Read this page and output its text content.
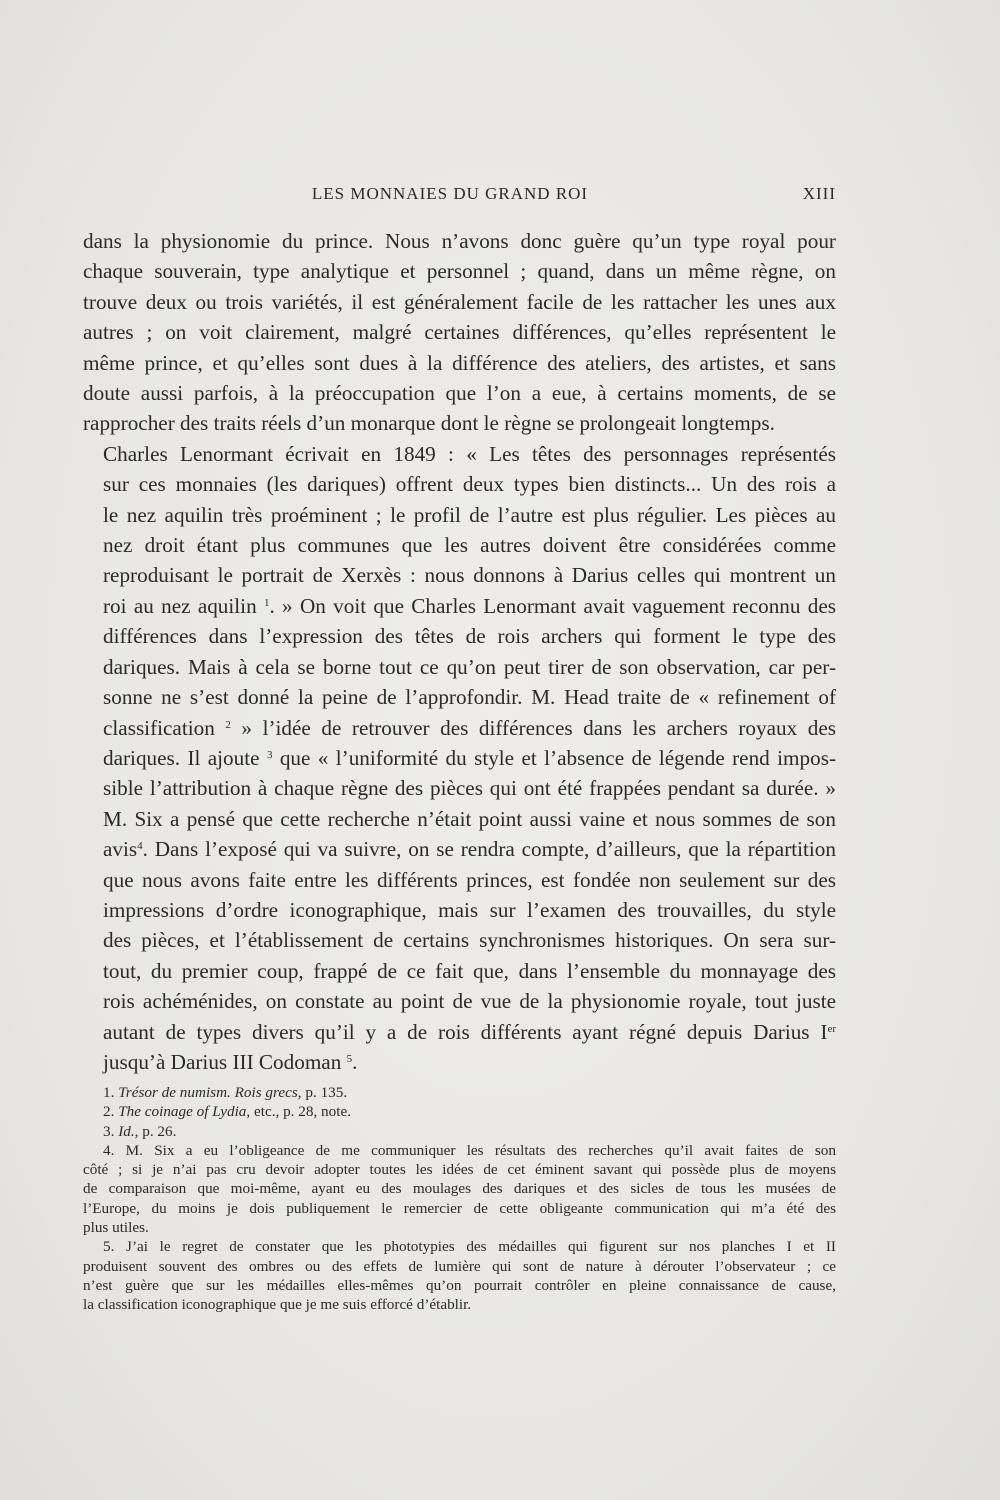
LES MONNAIES DU GRAND ROI	XIII

dans la physionomie du prince. Nous n’avons donc guère qu’un type royal pour
chaque souverain, type analytique et personnel ; quand, dans un même règne, on
trouve deux ou trois variétés, il est généralement facile de les rattacher les unes aux
autres ; on voit clairement, malgré certaines différences, qu’elles représentent le
même prince, et qu’elles sont dues à la différence des ateliers, des artistes, et sans
doute aussi parfois, à la préoccupation que l’on a eue, à certains moments, de se
rapprocher des traits réels d’un monarque dont le règne se prolongeait longtemps.

Charles Lenormant écrivait en 1849 : « Les têtes des personnages représentés
sur ces monnaies (les dariques) offrent deux types bien distincts... Un des rois a
le nez aquilin très proéminent ; le profil de l’autre est plus régulier. Les pièces au
nez droit étant plus communes que les autres doivent être considérées comme
reproduisant le portrait de Xerxès : nous donnons à Darius celles qui montrent un
roi au nez aquilin $^1$. » On voit que Charles Lenormant avait vaguement reconnu des
différences dans l’expression des têtes de rois archers qui forment le type des
dariques. Mais à cela se borne tout ce qu’on peut tirer de son observation, car per-
sonne ne s’est donné la peine de l’approfondir. M. Head traite de « refinement of
classification $^2$ » l’idée de retrouver des différences dans les archers royaux des
dariques. Il ajoute $^3$ que « l’uniformité du style et l’absence de légende rend impos-
sible l’attribution à chaque règne des pièces qui ont été frappées pendant sa durée. »
M. Six a pensé que cette recherche n’était point aussi vaine et nous sommes de son
avis$^4$. Dans l’exposé qui va suivre, on se rendra compte, d’ailleurs, que la répartition
que nous avons faite entre les différents princes, est fondée non seulement sur des
impressions d’ordre iconographique, mais sur l’examen des trouvailles, du style
des pièces, et l’établissement de certains synchronismes historiques. On sera sur-
tout, du premier coup, frappé de ce fait que, dans l’ensemble du monnayage des
rois achéménides, on constate au point de vue de la physionomie royale, tout juste
autant de types divers qu’il y a de rois différents ayant régné depuis Darius Ier
jusqu’à Darius III Codoman $^5$.

1. Trésor de numism. Rois grecs, p. 135.

2. The coinage of Lydia, etc., p. 28, note.

3. Id., p. 26.

4. M. Six a eu l’obligeance de me communiquer les résultats des recherches qu’il avait faites de son
côté ; si je n’ai pas cru devoir adopter toutes les idées de cet éminent savant qui possède plus de moyens
de comparaison que moi-même, ayant eu des moulages des dariques et des sicles de tous les musées de
l’Europe, du moins je dois publiquement le remercier de cette obligeante communication qui m’a été des
plus utiles.

5. J’ai le regret de constater que les phototypies des médailles qui figurent sur nos planches I et II
produisent souvent des ombres ou des effets de lumière qui sont de nature à dérouter l’observateur ; ce
n’est guère que sur les médailles elles-mêmes qu’on pourrait contrôler en pleine connaissance de cause,
la classification iconographique que je me suis efforcé d’établir.
